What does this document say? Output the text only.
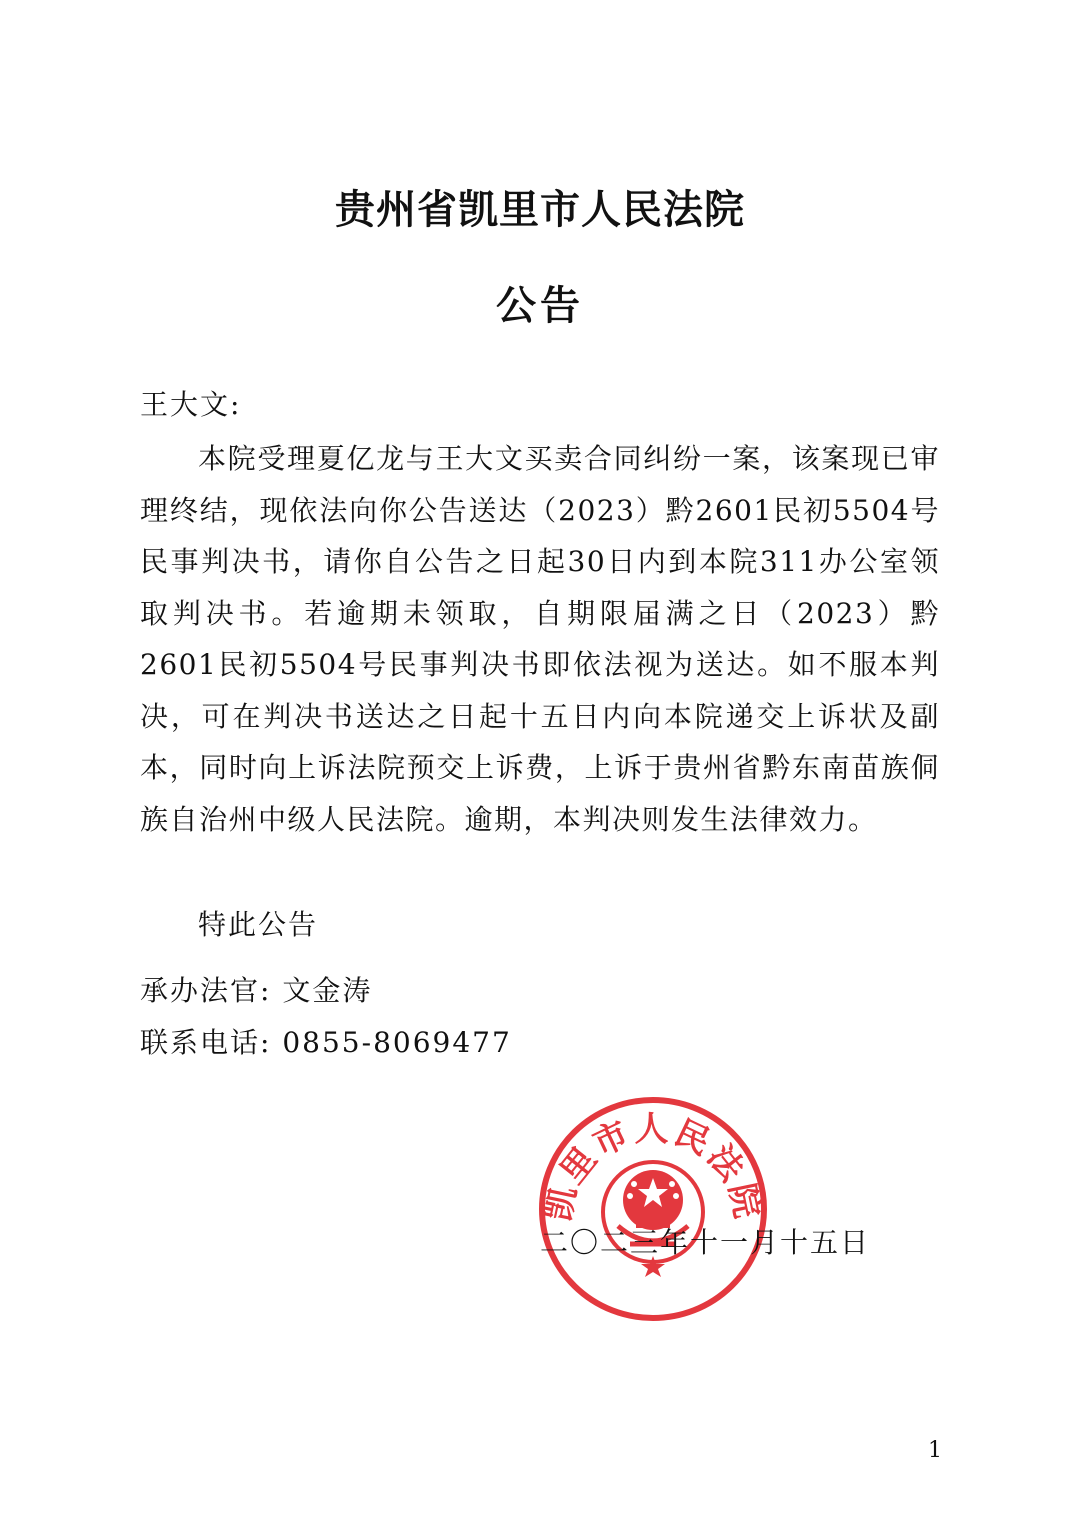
贵州省凯里市人民法院
公告
王大文:

本院受理夏亿龙与王大文买卖合同纠纷一案，该案现已审理终结，现依法向你公告送达（2023）黔2601民初5504号民事判决书，请你自公告之日起30日内到本院311办公室领取判决书。若逾期未领取，自期限届满之日（2023）黔2601民初5504号民事判决书即依法视为送达。如不服本判决，可在判决书送达之日起十五日内向本院递交上诉状及副本，同时向上诉法院预交上诉费，上诉于贵州省黔东南苗族侗族自治州中级人民法院。逾期，本判决则发生法律效力。

特此公告
承办法官: 文金涛
联系电话: 0855-8069477
凯里市人民法院
二〇二三年十一月十五日
1
